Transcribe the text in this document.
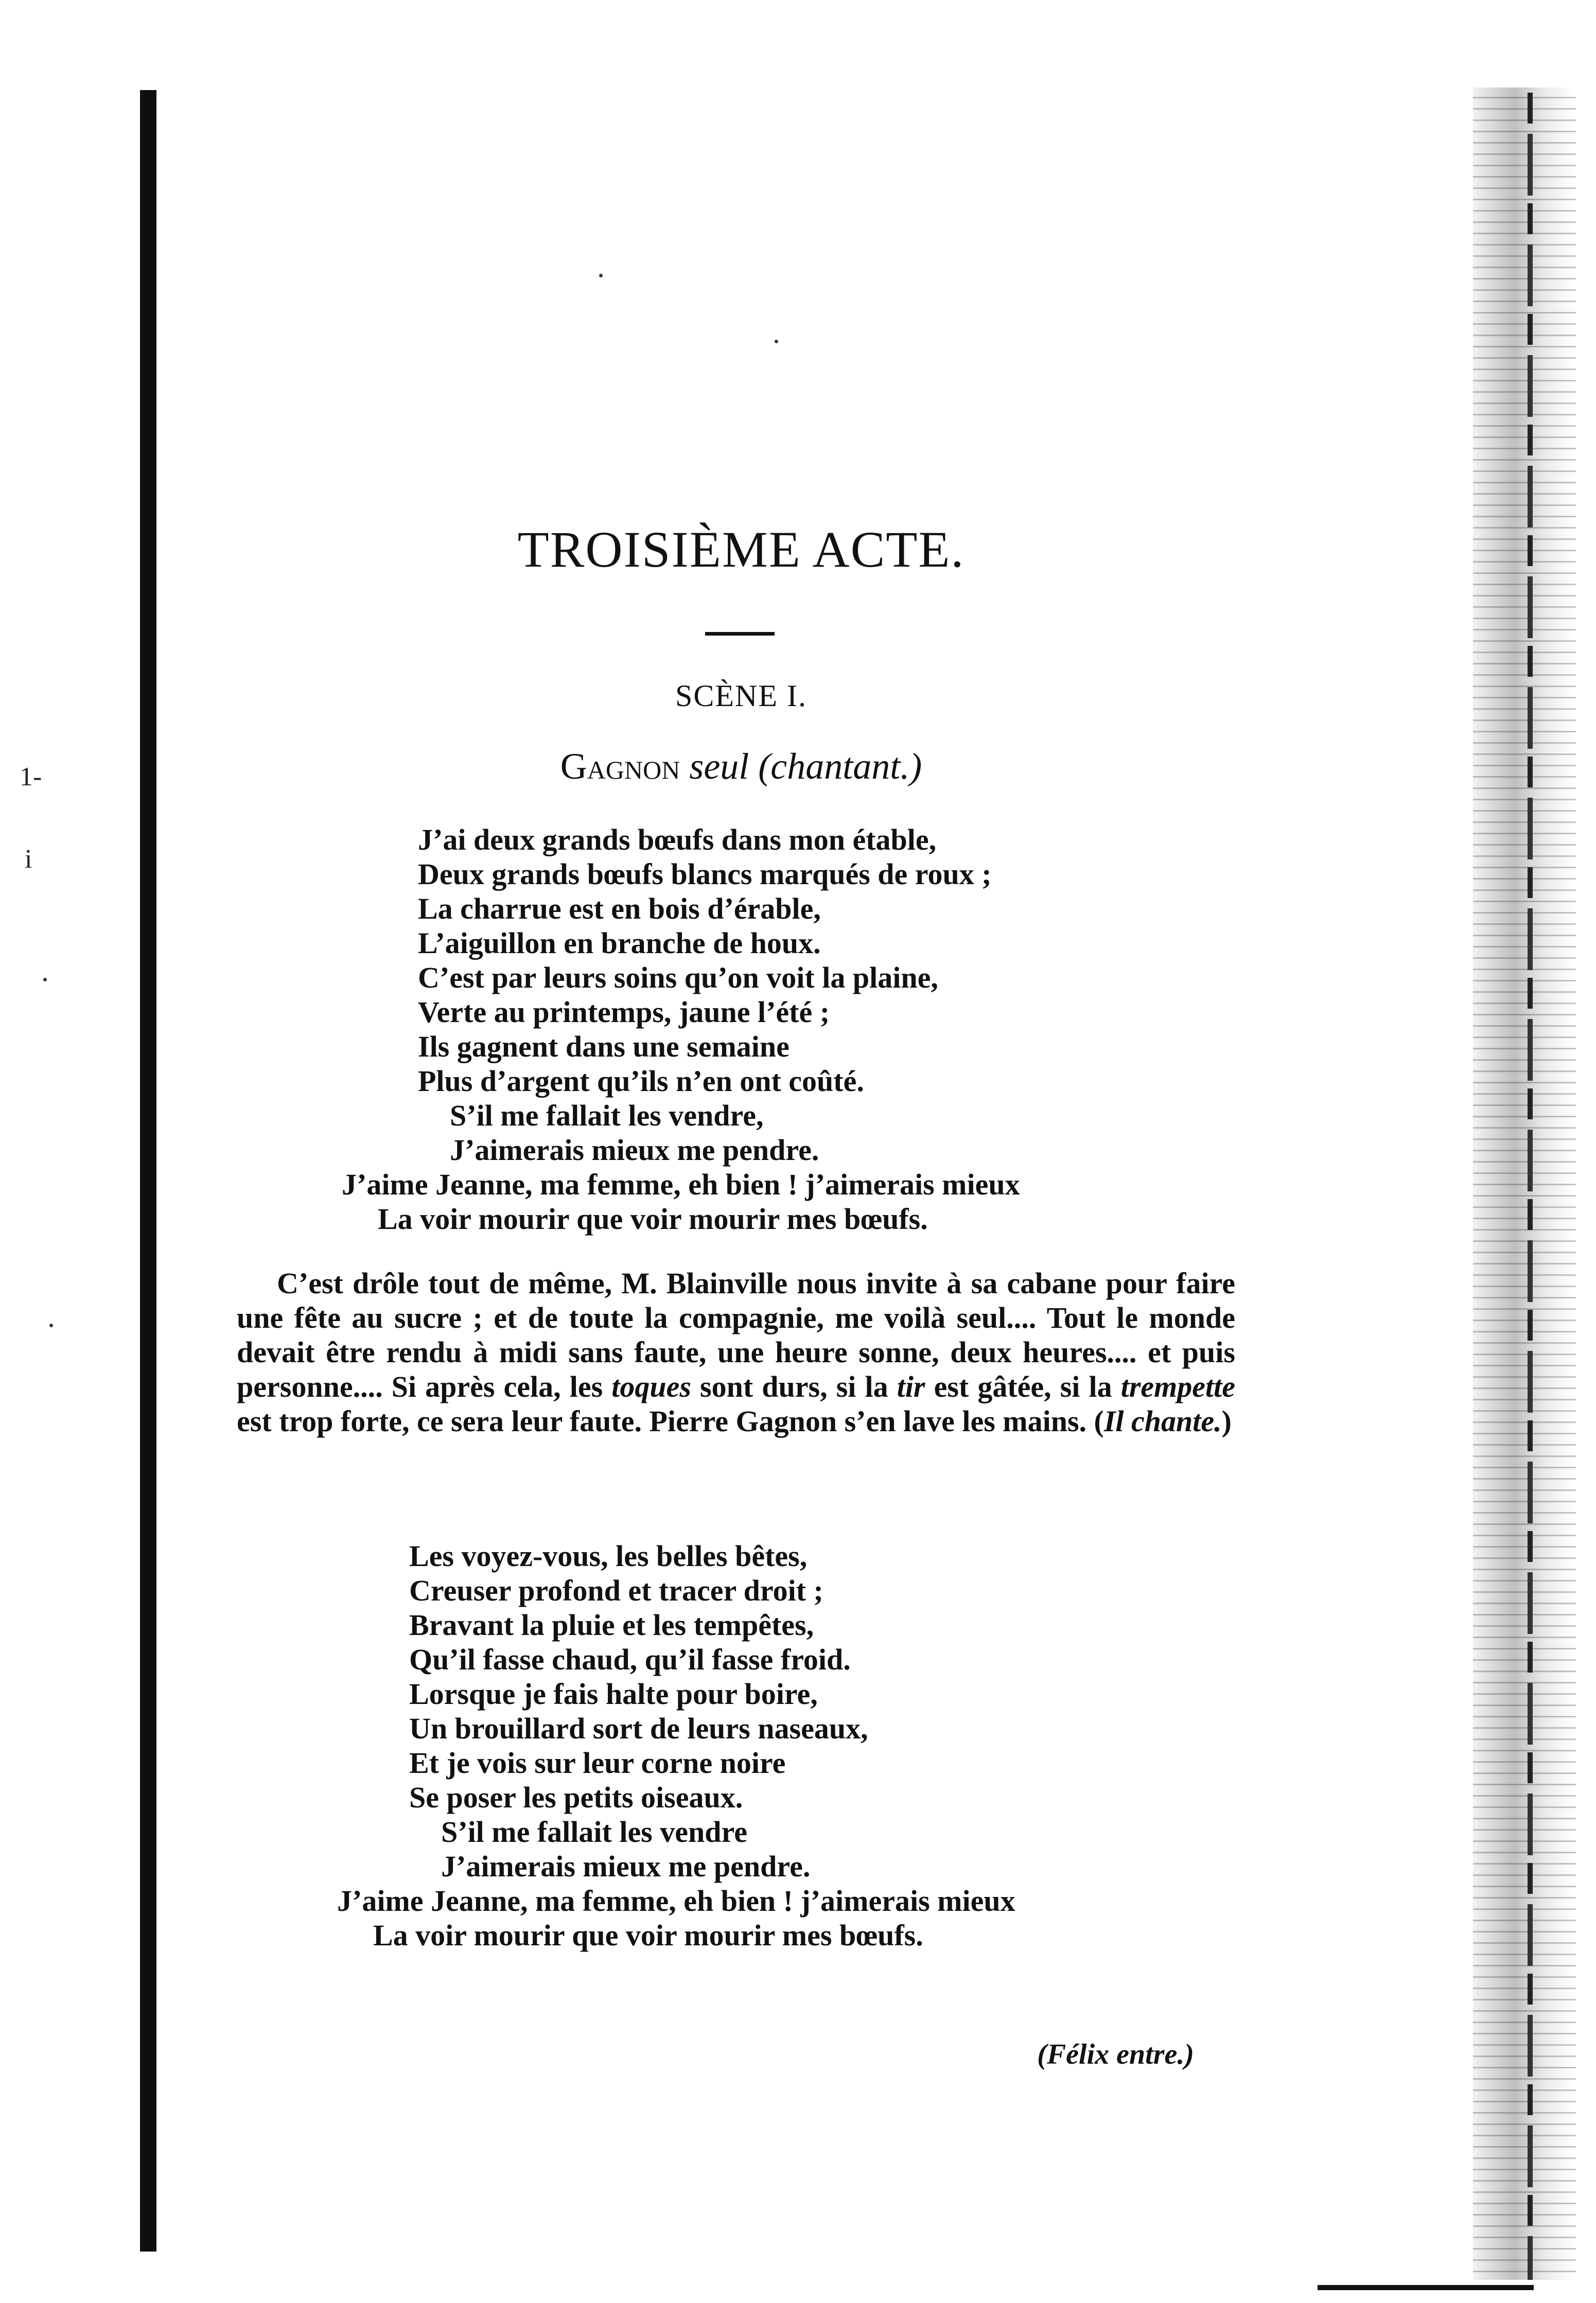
1-
i
TROISIÈME ACTE.
SCÈNE I.
Gagnon seul (chantant.)
J’ai deux grands bœufs dans mon étable,
Deux grands bœufs blancs marqués de roux ;
La charrue est en bois d’érable,
L’aiguillon en branche de houx.
C’est par leurs soins qu’on voit la plaine,
Verte au printemps, jaune l’été ;
Ils gagnent dans une semaine
Plus d’argent qu’ils n’en ont coûté.
S’il me fallait les vendre,
J’aimerais mieux me pendre.
J’aime Jeanne, ma femme, eh bien ! j’aimerais mieux
La voir mourir que voir mourir mes bœufs.
C’est drôle tout de même, M. Blainville nous invite à sa cabane pour faire une fête au sucre ; et de toute la compagnie, me voilà seul.... Tout le monde devait être rendu à midi sans faute, une heure sonne, deux heures.... et puis personne.... Si après cela, les toques sont durs, si la tir est gâtée, si la trempette est trop forte, ce sera leur faute. Pierre Gagnon s’en lave les mains. (Il chante.)
Les voyez-vous, les belles bêtes,
Creuser profond et tracer droit ;
Bravant la pluie et les tempêtes,
Qu’il fasse chaud, qu’il fasse froid.
Lorsque je fais halte pour boire,
Un brouillard sort de leurs naseaux,
Et je vois sur leur corne noire
Se poser les petits oiseaux.
S’il me fallait les vendre
J’aimerais mieux me pendre.
J’aime Jeanne, ma femme, eh bien ! j’aimerais mieux
La voir mourir que voir mourir mes bœufs.
(Félix entre.)
